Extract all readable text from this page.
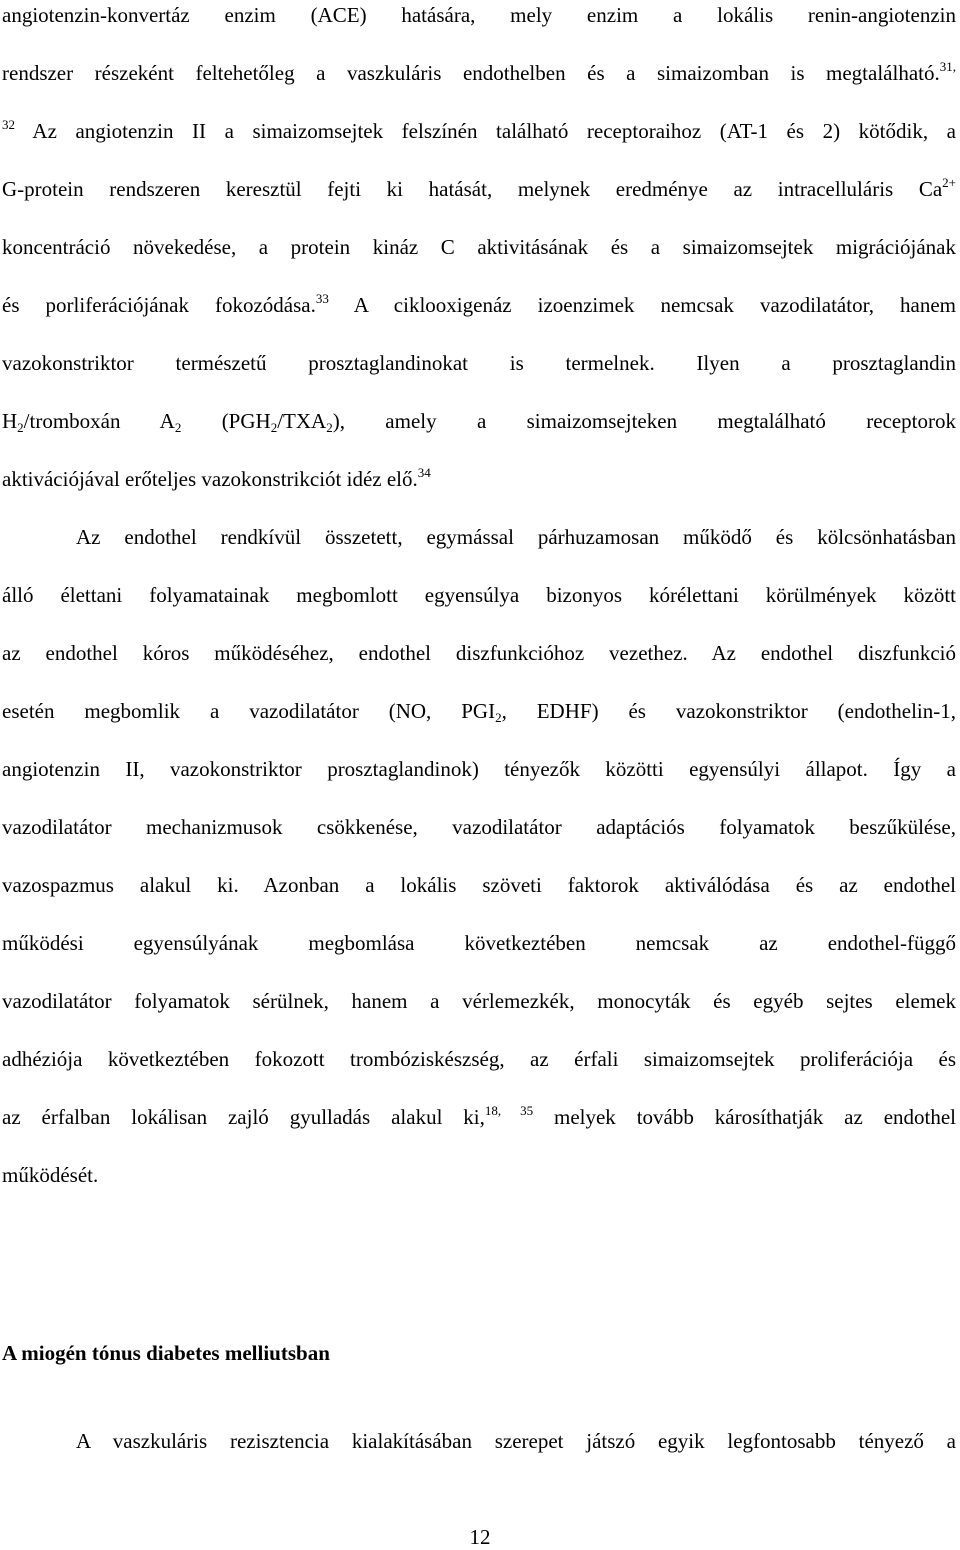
angiotenzin-konvertáz enzim (ACE) hatására, mely enzim a lokális renin-angiotenzin
rendszer részeként feltehetőleg a vaszkuláris endothelben és a simaizomban is megtalálható.$^{31,}$
$^{32}$ Az angiotenzin II a simaizomsejtek felszínén található receptoraihoz (AT-1 és 2) kötődik, a
G-protein rendszeren keresztül fejti ki hatását, melynek eredménye az intracelluláris $Ca^{2+}$
koncentráció növekedése, a protein kináz C aktivitásának és a simaizomsejtek migrációjának
és porliferációjának fokozódása.$^{33}$ A ciklooxigenáz izoenzimek nemcsak vazodilatátor, hanem
vazokonstriktor természetű prosztaglandinokat is termelnek. Ilyen a prosztaglandin
$H_2$/tromboxán $A_2$ $(PGH_2/TXA_2)$, amely a simaizomsejteken megtalálható receptorok
aktivációjával erőteljes vazokonstrikciót idéz elő.$^{34}$
Az endothel rendkívül összetett, egymással párhuzamosan működő és kölcsönhatásban
álló élettani folyamatainak megbomlott egyensúlya bizonyos kórélettani körülmények között
az endothel kóros működéséhez, endothel diszfunkcióhoz vezethez. Az endothel diszfunkció
esetén megbomlik a vazodilatátor (NO, $PGI_2$, EDHF) és vazokonstriktor (endothelin-1,
angiotenzin II, vazokonstriktor prosztaglandinok) tényezők közötti egyensúlyi állapot. Így a
vazodilatátor mechanizmusok csökkenése, vazodilatátor adaptációs folyamatok beszűkülése,
vazospazmus alakul ki. Azonban a lokális szöveti faktorok aktiválódása és az endothel
működési egyensúlyának megbomlása következtében nemcsak az endothel-függő
vazodilatátor folyamatok sérülnek, hanem a vérlemezkék, monocyták és egyéb sejtes elemek
adhéziója következtében fokozott trombóziskészség, az érfali simaizomsejtek proliferációja és
az érfalban lokálisan zajló gyulladás alakul ki,$^{18, 35}$ melyek tovább károsíthatják az endothel
működését.
A miogén tónus diabetes melliutsban
A vaszkuláris rezisztencia kialakításában szerepet játszó egyik legfontosabb tényező a
12
